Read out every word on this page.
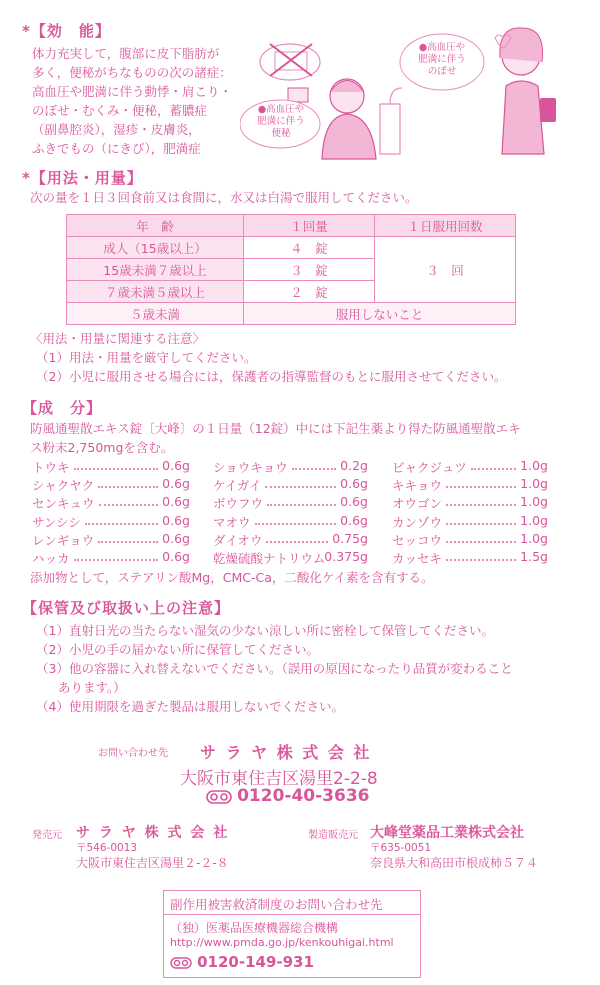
*【効　能】
体力充実して，腹部に皮下脂肪が
多く，便秘がちなものの次の諸症：
高血圧や肥満に伴う動悸・肩こり・
のぼせ・むくみ・便秘，蓄膿症
（副鼻腔炎），湿疹・皮膚炎，
ふきでもの（にきび），肥満症
●高血圧や
肥満に伴う
便秘
●高血圧や
肥満に伴う
のぼせ
*【用法・用量】
次の量を１日３回食前又は食間に，水又は白湯で服用してください。
年　齢	１回量	１日服用回数
成人（15歳以上）	４　錠	３　回
15歳未満７歳以上	３　錠	
７歳未満５歳以上	２　錠	
５歳未満	服用しないこと	
〈用法・用量に関連する注意〉
（1）用法・用量を厳守してください。
（2）小児に服用させる場合には，保護者の指導監督のもとに服用させてください。
【成　分】
防風通聖散エキス錠〔大峰〕の１日量（12錠）中には下記生薬より得た防風通聖散エキ
ス粉末2,750mgを含む。
トウキ	0.6g
シャクヤク	0.6g
センキュウ	0.6g
サンシシ	0.6g
レンギョウ	0.6g
ハッカ	0.6g
ショウキョウ	0.2g
ケイガイ	0.6g
ボウフウ	0.6g
マオウ	0.6g
ダイオウ	0.75g
乾燥硫酸ナトリウム
0.375g
ビャクジュツ	1.0g
キキョウ	1.0g
オウゴン	1.0g
カンゾウ	1.0g
セッコウ	1.0g
カッセキ	1.5g
添加物として，ステアリン酸Mg，CMC-Ca，二酸化ケイ素を含有する。
【保管及び取扱い上の注意】
（1）直射日光の当たらない湿気の少ない涼しい所に密栓して保管してください。
（2）小児の手の届かない所に保管してください。
（3）他の容器に入れ替えないでください。（誤用の原因になったり品質が変わること
あります。）
（4）使用期限を過ぎた製品は服用しないでください。
お問い合わせ先 サ ラ ヤ 株 式 会 社
大阪市東住吉区湯里2-2-8
0120-40-3636
発売元 サ ラ ヤ 株 式 会 社
〒546-0013
大阪市東住吉区湯里２-２-８
製造販売元 大峰堂薬品工業株式会社
〒635-0051
奈良県大和高田市根成柿５７４
副作用被害救済制度のお問い合わせ先
（独）医薬品医療機器総合機構
http://www.pmda.go.jp/kenkouhigai.html
0120-149-931
